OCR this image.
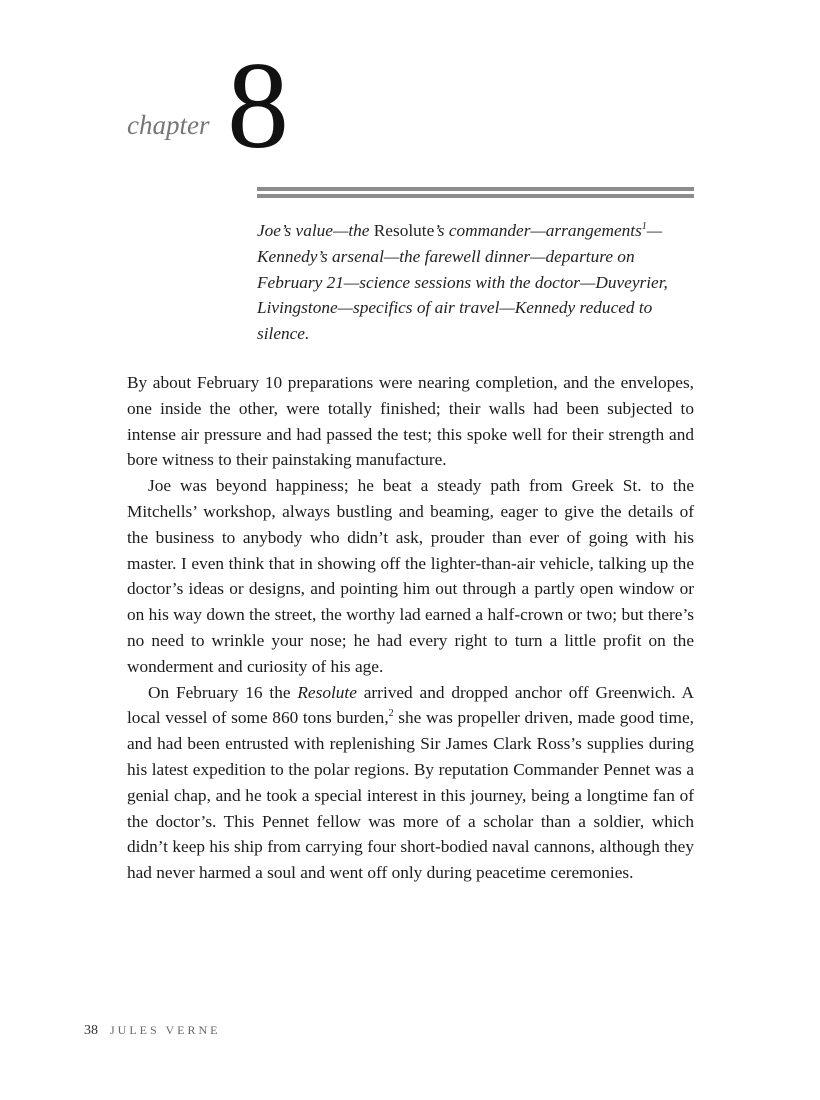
chapter 8
Joe’s value—the Resolute’s commander—arrangements$^1$—Kennedy’s arsenal—the farewell dinner—departure on February 21—science sessions with the doctor—Duveyrier, Livingstone—specifics of air travel—Kennedy reduced to silence.

By about February 10 preparations were nearing completion, and the envelopes, one inside the other, were totally finished; their walls had been subjected to intense air pressure and had passed the test; this spoke well for their strength and bore witness to their painstaking manufacture.

Joe was beyond happiness; he beat a steady path from Greek St. to the Mitchells’ workshop, always bustling and beaming, eager to give the details of the business to anybody who didn’t ask, prouder than ever of going with his master. I even think that in showing off the lighter-than-air vehicle, talking up the doctor’s ideas or designs, and pointing him out through a partly open window or on his way down the street, the worthy lad earned a half-crown or two; but there’s no need to wrinkle your nose; he had every right to turn a little profit on the wonderment and curiosity of his age.

On February 16 the Resolute arrived and dropped anchor off Greenwich. A local vessel of some 860 tons burden,$^2$ she was propeller driven, made good time, and had been entrusted with replenishing Sir James Clark Ross’s supplies during his latest expedition to the polar regions. By reputation Commander Pennet was a genial chap, and he took a special interest in this journey, being a longtime fan of the doctor’s. This Pennet fellow was more of a scholar than a soldier, which didn’t keep his ship from carrying four short-bodied naval cannons, although they had never harmed a soul and went off only during peacetime ceremonies.

38 JULES VERNE
